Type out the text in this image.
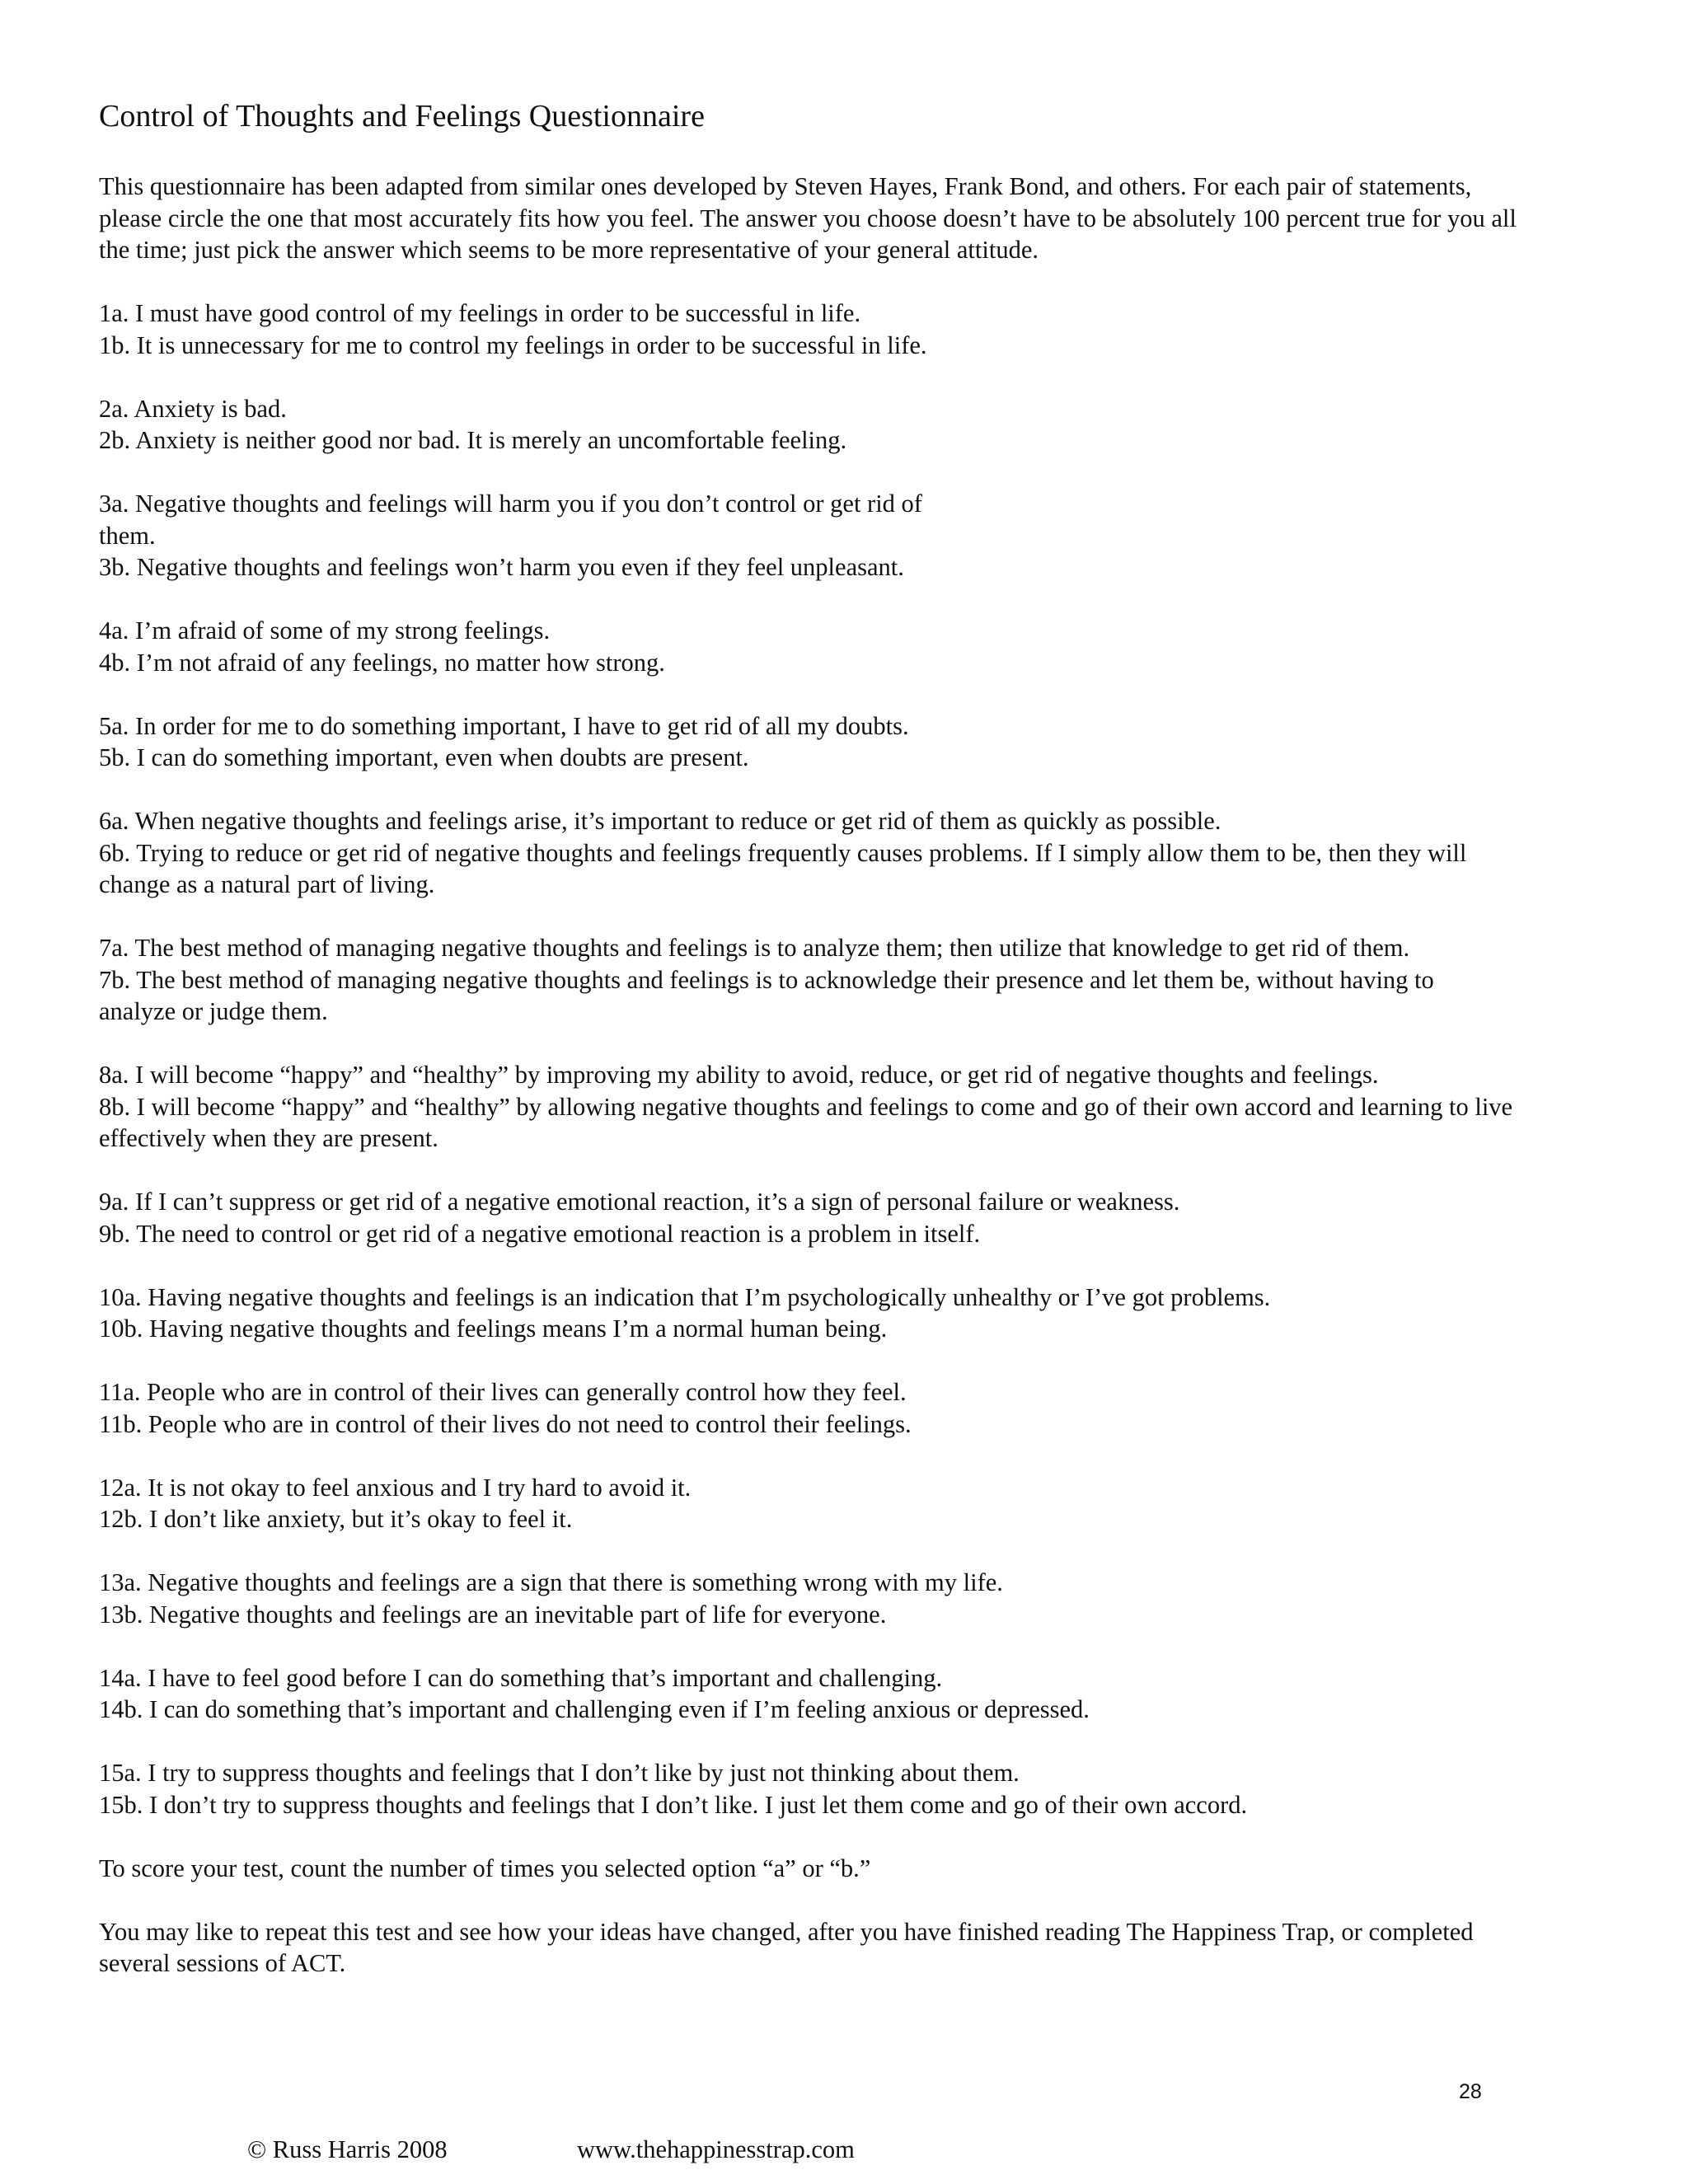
Control of Thoughts and Feelings Questionnaire

This questionnaire has been adapted from similar ones developed by Steven Hayes, Frank Bond, and others. For each pair of statements, please circle the one that most accurately fits how you feel. The answer you choose doesn’t have to be absolutely 100 percent true for you all the time; just pick the answer which seems to be more representative of your general attitude.

1a. I must have good control of my feelings in order to be successful in life.
1b. It is unnecessary for me to control my feelings in order to be successful in life.
2a. Anxiety is bad.
2b. Anxiety is neither good nor bad. It is merely an uncomfortable feeling.
3a. Negative thoughts and feelings will harm you if you don’t control or get rid of them.
3b. Negative thoughts and feelings won’t harm you even if they feel unpleasant.
4a. I’m afraid of some of my strong feelings.
4b. I’m not afraid of any feelings, no matter how strong.
5a. In order for me to do something important, I have to get rid of all my doubts.
5b. I can do something important, even when doubts are present.
6a. When negative thoughts and feelings arise, it’s important to reduce or get rid of them as quickly as possible.
6b. Trying to reduce or get rid of negative thoughts and feelings frequently causes problems. If I simply allow them to be, then they will change as a natural part of living.
7a. The best method of managing negative thoughts and feelings is to analyze them; then utilize that knowledge to get rid of them.
7b. The best method of managing negative thoughts and feelings is to acknowledge their presence and let them be, without having to analyze or judge them.
8a. I will become “happy” and “healthy” by improving my ability to avoid, reduce, or get rid of negative thoughts and feelings.
8b. I will become “happy” and “healthy” by allowing negative thoughts and feelings to come and go of their own accord and learning to live effectively when they are present.
9a. If I can’t suppress or get rid of a negative emotional reaction, it’s a sign of personal failure or weakness.
9b. The need to control or get rid of a negative emotional reaction is a problem in itself.
10a. Having negative thoughts and feelings is an indication that I’m psychologically unhealthy or I’ve got problems.
10b. Having negative thoughts and feelings means I’m a normal human being.
11a. People who are in control of their lives can generally control how they feel.
11b. People who are in control of their lives do not need to control their feelings.
12a. It is not okay to feel anxious and I try hard to avoid it.
12b. I don’t like anxiety, but it’s okay to feel it.
13a. Negative thoughts and feelings are a sign that there is something wrong with my life.
13b. Negative thoughts and feelings are an inevitable part of life for everyone.
14a. I have to feel good before I can do something that’s important and challenging.
14b. I can do something that’s important and challenging even if I’m feeling anxious or depressed.
15a. I try to suppress thoughts and feelings that I don’t like by just not thinking about them.
15b. I don’t try to suppress thoughts and feelings that I don’t like. I just let them come and go of their own accord.

To score your test, count the number of times you selected option “a” or “b.”

You may like to repeat this test and see how your ideas have changed, after you have finished reading The Happiness Trap, or completed several sessions of ACT.

28
© Russ Harris 2008	www.thehappinesstrap.com
